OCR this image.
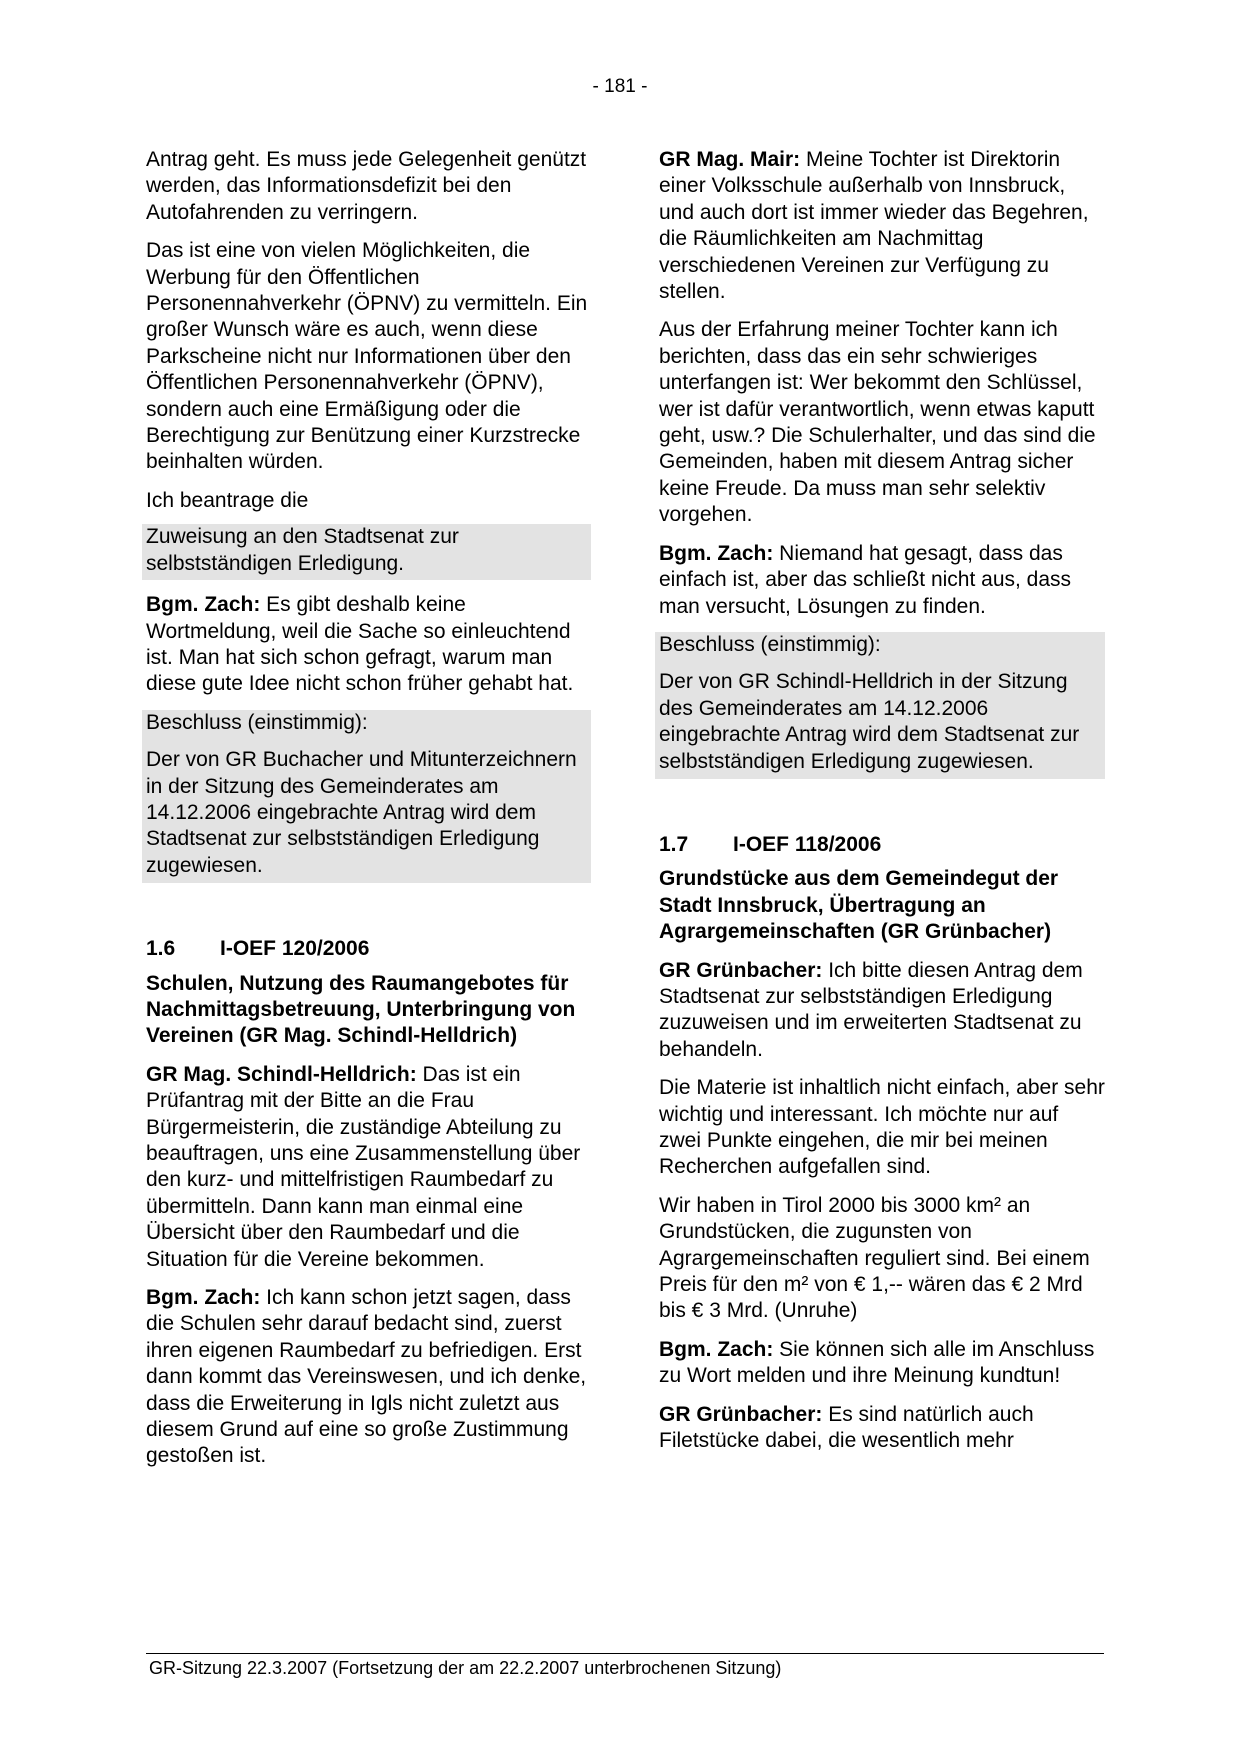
- 181 -

Antrag geht. Es muss jede Gelegenheit genützt werden, das Informationsdefizit bei den Autofahrenden zu verringern.

Das ist eine von vielen Möglichkeiten, die Werbung für den Öffentlichen Personennahverkehr (ÖPNV) zu vermitteln. Ein großer Wunsch wäre es auch, wenn diese Parkscheine nicht nur Informationen über den Öffentlichen Personennahverkehr (ÖPNV), sondern auch eine Ermäßigung oder die Berechtigung zur Benützung einer Kurzstrecke beinhalten würden.

Ich beantrage die

Zuweisung an den Stadtsenat zur selbstständigen Erledigung.

Bgm. Zach: Es gibt deshalb keine Wortmeldung, weil die Sache so einleuchtend ist. Man hat sich schon gefragt, warum man diese gute Idee nicht schon früher gehabt hat.

Beschluss (einstimmig):

Der von GR Buchacher und Mitunterzeichnern in der Sitzung des Gemeinderates am 14.12.2006 eingebrachte Antrag wird dem Stadtsenat zur selbstständigen Erledigung zugewiesen.

1.6	I-OEF 120/2006

Schulen, Nutzung des Raumangebotes für Nachmittagsbetreuung, Unterbringung von Vereinen (GR Mag. Schindl-Helldrich)

GR Mag. Schindl-Helldrich: Das ist ein Prüfantrag mit der Bitte an die Frau Bürgermeisterin, die zuständige Abteilung zu beauftragen, uns eine Zusammenstellung über den kurz- und mittelfristigen Raumbedarf zu übermitteln. Dann kann man einmal eine Übersicht über den Raumbedarf und die Situation für die Vereine bekommen.

Bgm. Zach: Ich kann schon jetzt sagen, dass die Schulen sehr darauf bedacht sind, zuerst ihren eigenen Raumbedarf zu befriedigen. Erst dann kommt das Vereinswesen, und ich denke, dass die Erweiterung in Igls nicht zuletzt aus diesem Grund auf eine so große Zustimmung gestoßen ist.

GR Mag. Mair: Meine Tochter ist Direktorin einer Volksschule außerhalb von Innsbruck, und auch dort ist immer wieder das Begehren, die Räumlichkeiten am Nachmittag verschiedenen Vereinen zur Verfügung zu stellen.

Aus der Erfahrung meiner Tochter kann ich berichten, dass das ein sehr schwieriges unterfangen ist: Wer bekommt den Schlüssel, wer ist dafür verantwortlich, wenn etwas kaputt geht, usw.? Die Schulerhalter, und das sind die Gemeinden, haben mit diesem Antrag sicher keine Freude. Da muss man sehr selektiv vorgehen.

Bgm. Zach: Niemand hat gesagt, dass das einfach ist, aber das schließt nicht aus, dass man versucht, Lösungen zu finden.

Beschluss (einstimmig):

Der von GR Schindl-Helldrich in der Sitzung des Gemeinderates am 14.12.2006 eingebrachte Antrag wird dem Stadtsenat zur selbstständigen Erledigung zugewiesen.

1.7	I-OEF 118/2006

Grundstücke aus dem Gemeindegut der Stadt Innsbruck, Übertragung an Agrargemeinschaften (GR Grünbacher)

GR Grünbacher: Ich bitte diesen Antrag dem Stadtsenat zur selbstständigen Erledigung zuzuweisen und im erweiterten Stadtsenat zu behandeln.

Die Materie ist inhaltlich nicht einfach, aber sehr wichtig und interessant. Ich möchte nur auf zwei Punkte eingehen, die mir bei meinen Recherchen aufgefallen sind.

Wir haben in Tirol 2000 bis 3000 km² an Grundstücken, die zugunsten von Agrargemeinschaften reguliert sind. Bei einem Preis für den m² von € 1,-- wären das € 2 Mrd bis € 3 Mrd. (Unruhe)

Bgm. Zach: Sie können sich alle im Anschluss zu Wort melden und ihre Meinung kundtun!

GR Grünbacher: Es sind natürlich auch Filetstücke dabei, die wesentlich mehr

GR-Sitzung 22.3.2007 (Fortsetzung der am 22.2.2007 unterbrochenen Sitzung)
